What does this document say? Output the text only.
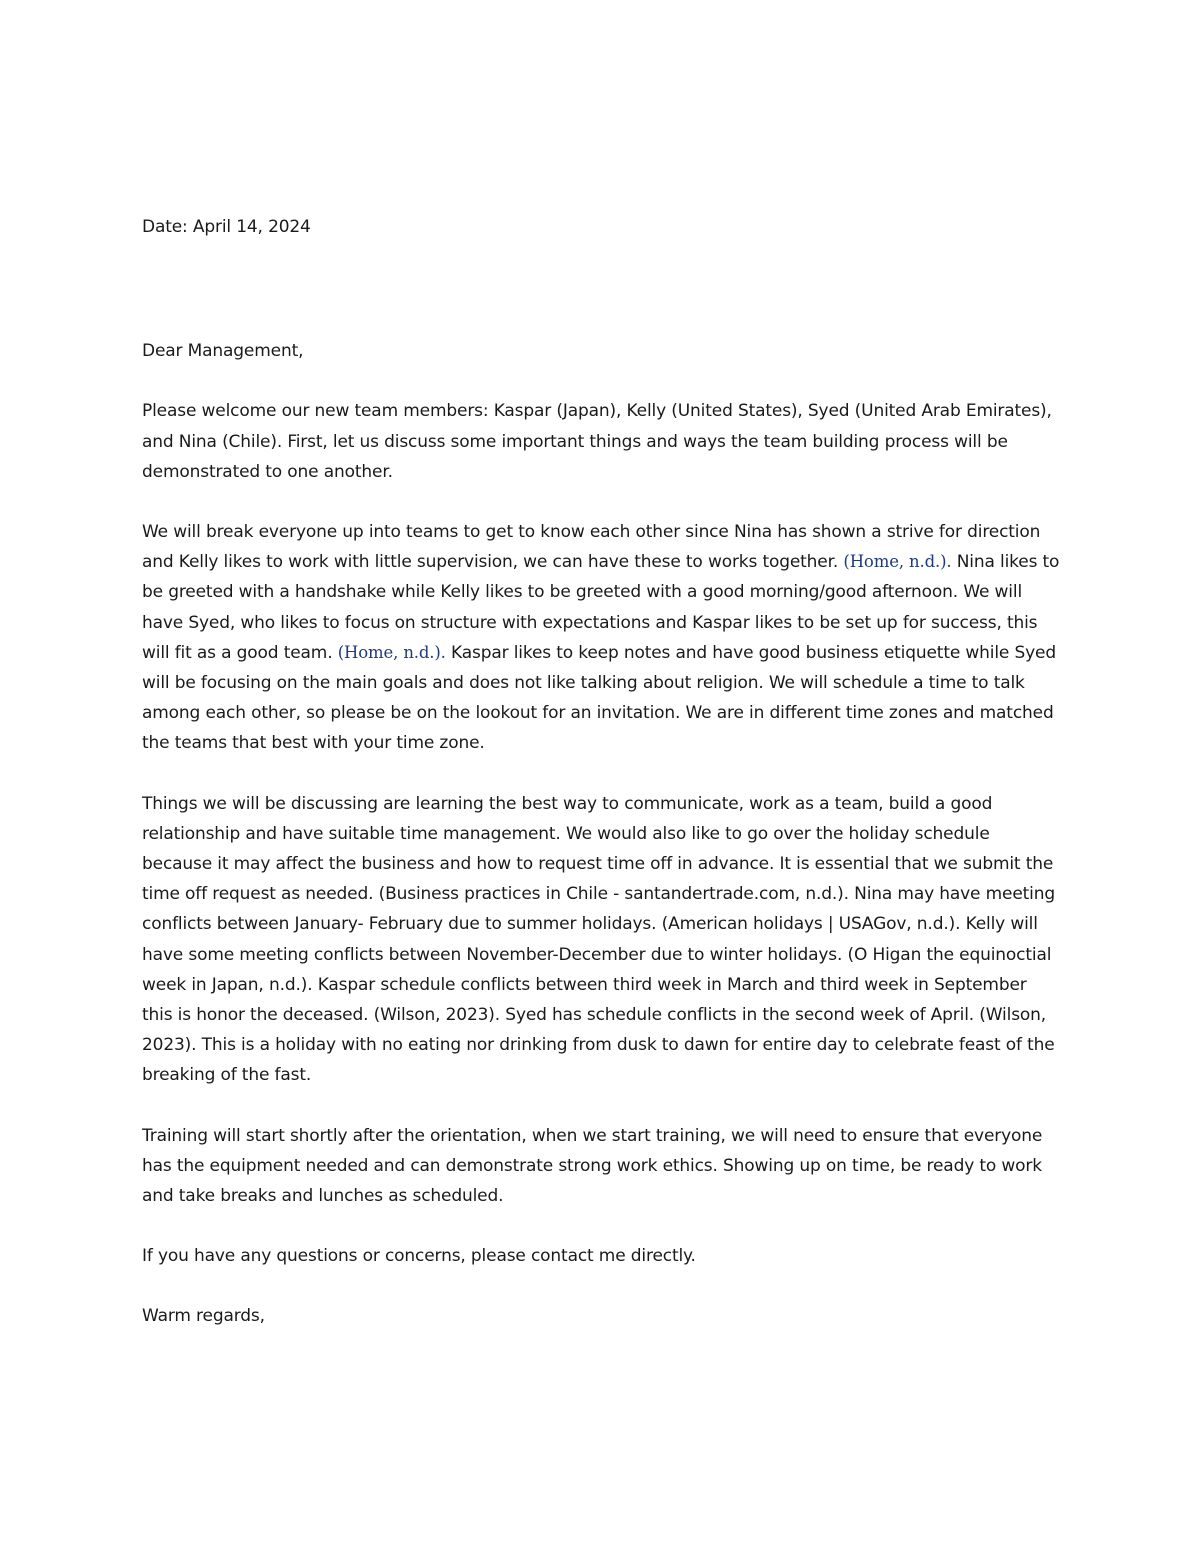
Date: April 14, 2024

Dear Management,

Please welcome our new team members: Kaspar (Japan), Kelly (United States), Syed (United Arab Emirates), and Nina (Chile). First, let us discuss some important things and ways the team building process will be demonstrated to one another.

We will break everyone up into teams to get to know each other since Nina has shown a strive for direction and Kelly likes to work with little supervision, we can have these to works together. (Home, n.d.). Nina likes to be greeted with a handshake while Kelly likes to be greeted with a good morning/good afternoon. We will have Syed, who likes to focus on structure with expectations and Kaspar likes to be set up for success, this will fit as a good team. (Home, n.d.). Kaspar likes to keep notes and have good business etiquette while Syed will be focusing on the main goals and does not like talking about religion. We will schedule a time to talk among each other, so please be on the lookout for an invitation. We are in different time zones and matched the teams that best with your time zone.

Things we will be discussing are learning the best way to communicate, work as a team, build a good relationship and have suitable time management. We would also like to go over the holiday schedule because it may affect the business and how to request time off in advance. It is essential that we submit the time off request as needed. (Business practices in Chile - santandertrade.com, n.d.). Nina may have meeting conflicts between January- February due to summer holidays. (American holidays | USAGov, n.d.). Kelly will have some meeting conflicts between November-December due to winter holidays. (O Higan the equinoctial week in Japan, n.d.). Kaspar schedule conflicts between third week in March and third week in September this is honor the deceased. (Wilson, 2023). Syed has schedule conflicts in the second week of April. (Wilson, 2023). This is a holiday with no eating nor drinking from dusk to dawn for entire day to celebrate feast of the breaking of the fast.

Training will start shortly after the orientation, when we start training, we will need to ensure that everyone has the equipment needed and can demonstrate strong work ethics. Showing up on time, be ready to work and take breaks and lunches as scheduled.

If you have any questions or concerns, please contact me directly.

Warm regards,
